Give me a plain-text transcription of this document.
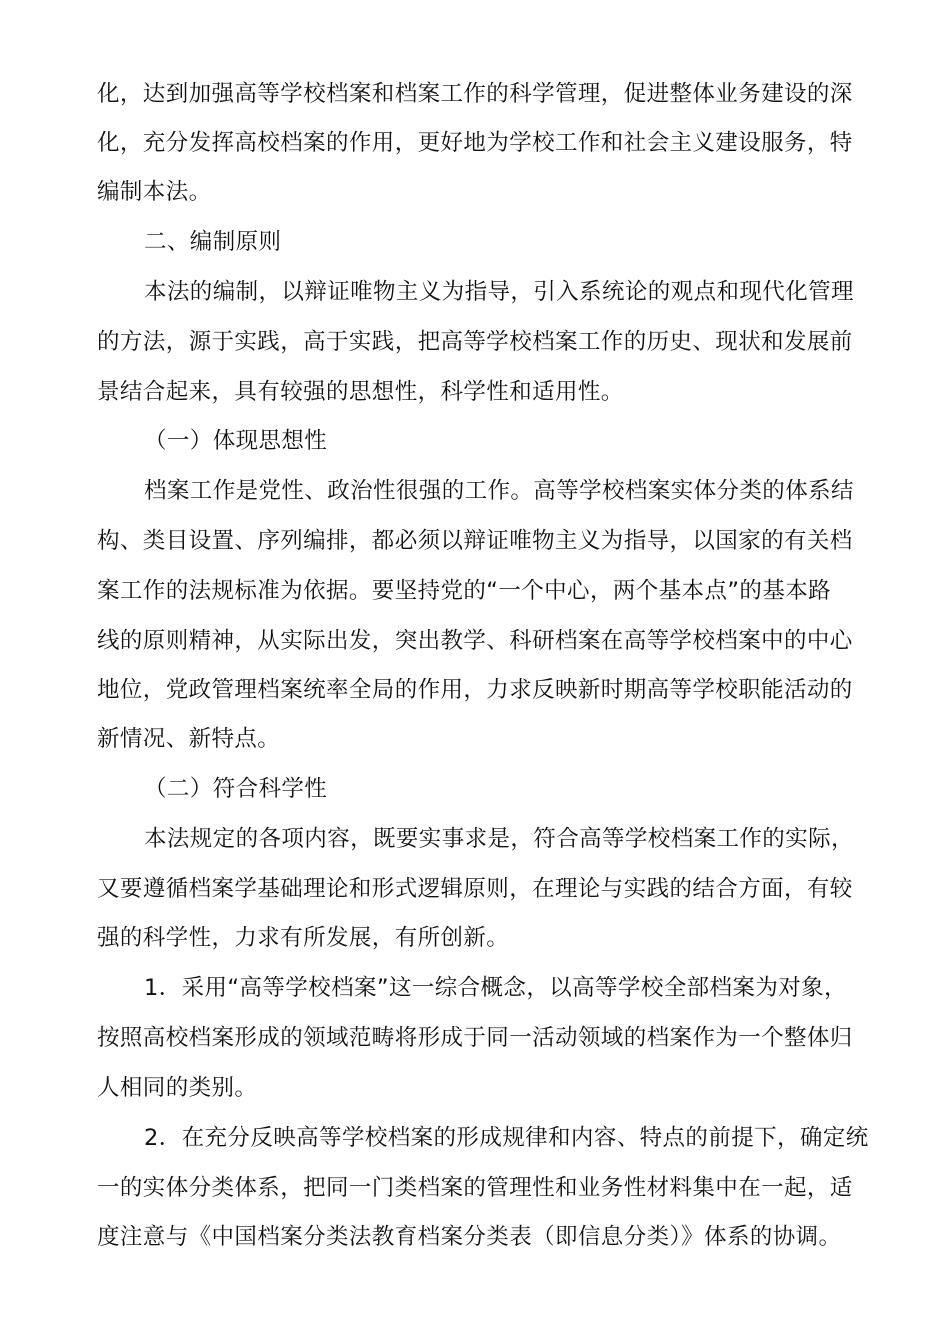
化，达到加强高等学校档案和档案工作的科学管理，促进整体业务建设的深
化，充分发挥高校档案的作用，更好地为学校工作和社会主义建设服务，特
编制本法。
二、编制原则
本法的编制，以辩证唯物主义为指导，引入系统论的观点和现代化管理
的方法，源于实践，高于实践，把高等学校档案工作的历史、现状和发展前
景结合起来，具有较强的思想性，科学性和适用性。
（一）体现思想性
档案工作是党性、政治性很强的工作。高等学校档案实体分类的体系结
构、类目设置、序列编排，都必须以辩证唯物主义为指导，以国家的有关档
案工作的法规标准为依据。要坚持党的“一个中心，两个基本点”的基本路
线的原则精神，从实际出发，突出教学、科研档案在高等学校档案中的中心
地位，党政管理档案统率全局的作用，力求反映新时期高等学校职能活动的
新情况、新特点。
（二）符合科学性
本法规定的各项内容，既要实事求是，符合高等学校档案工作的实际，
又要遵循档案学基础理论和形式逻辑原则，在理论与实践的结合方面，有较
强的科学性，力求有所发展，有所创新。
1．采用“高等学校档案”这一综合概念，以高等学校全部档案为对象，
按照高校档案形成的领域范畴将形成于同一活动领域的档案作为一个整体归
人相同的类别。
2．在充分反映高等学校档案的形成规律和内容、特点的前提下，确定统
一的实体分类体系，把同一门类档案的管理性和业务性材料集中在一起，适
度注意与《中国档案分类法教育档案分类表（即信息分类）》体系的协调。
